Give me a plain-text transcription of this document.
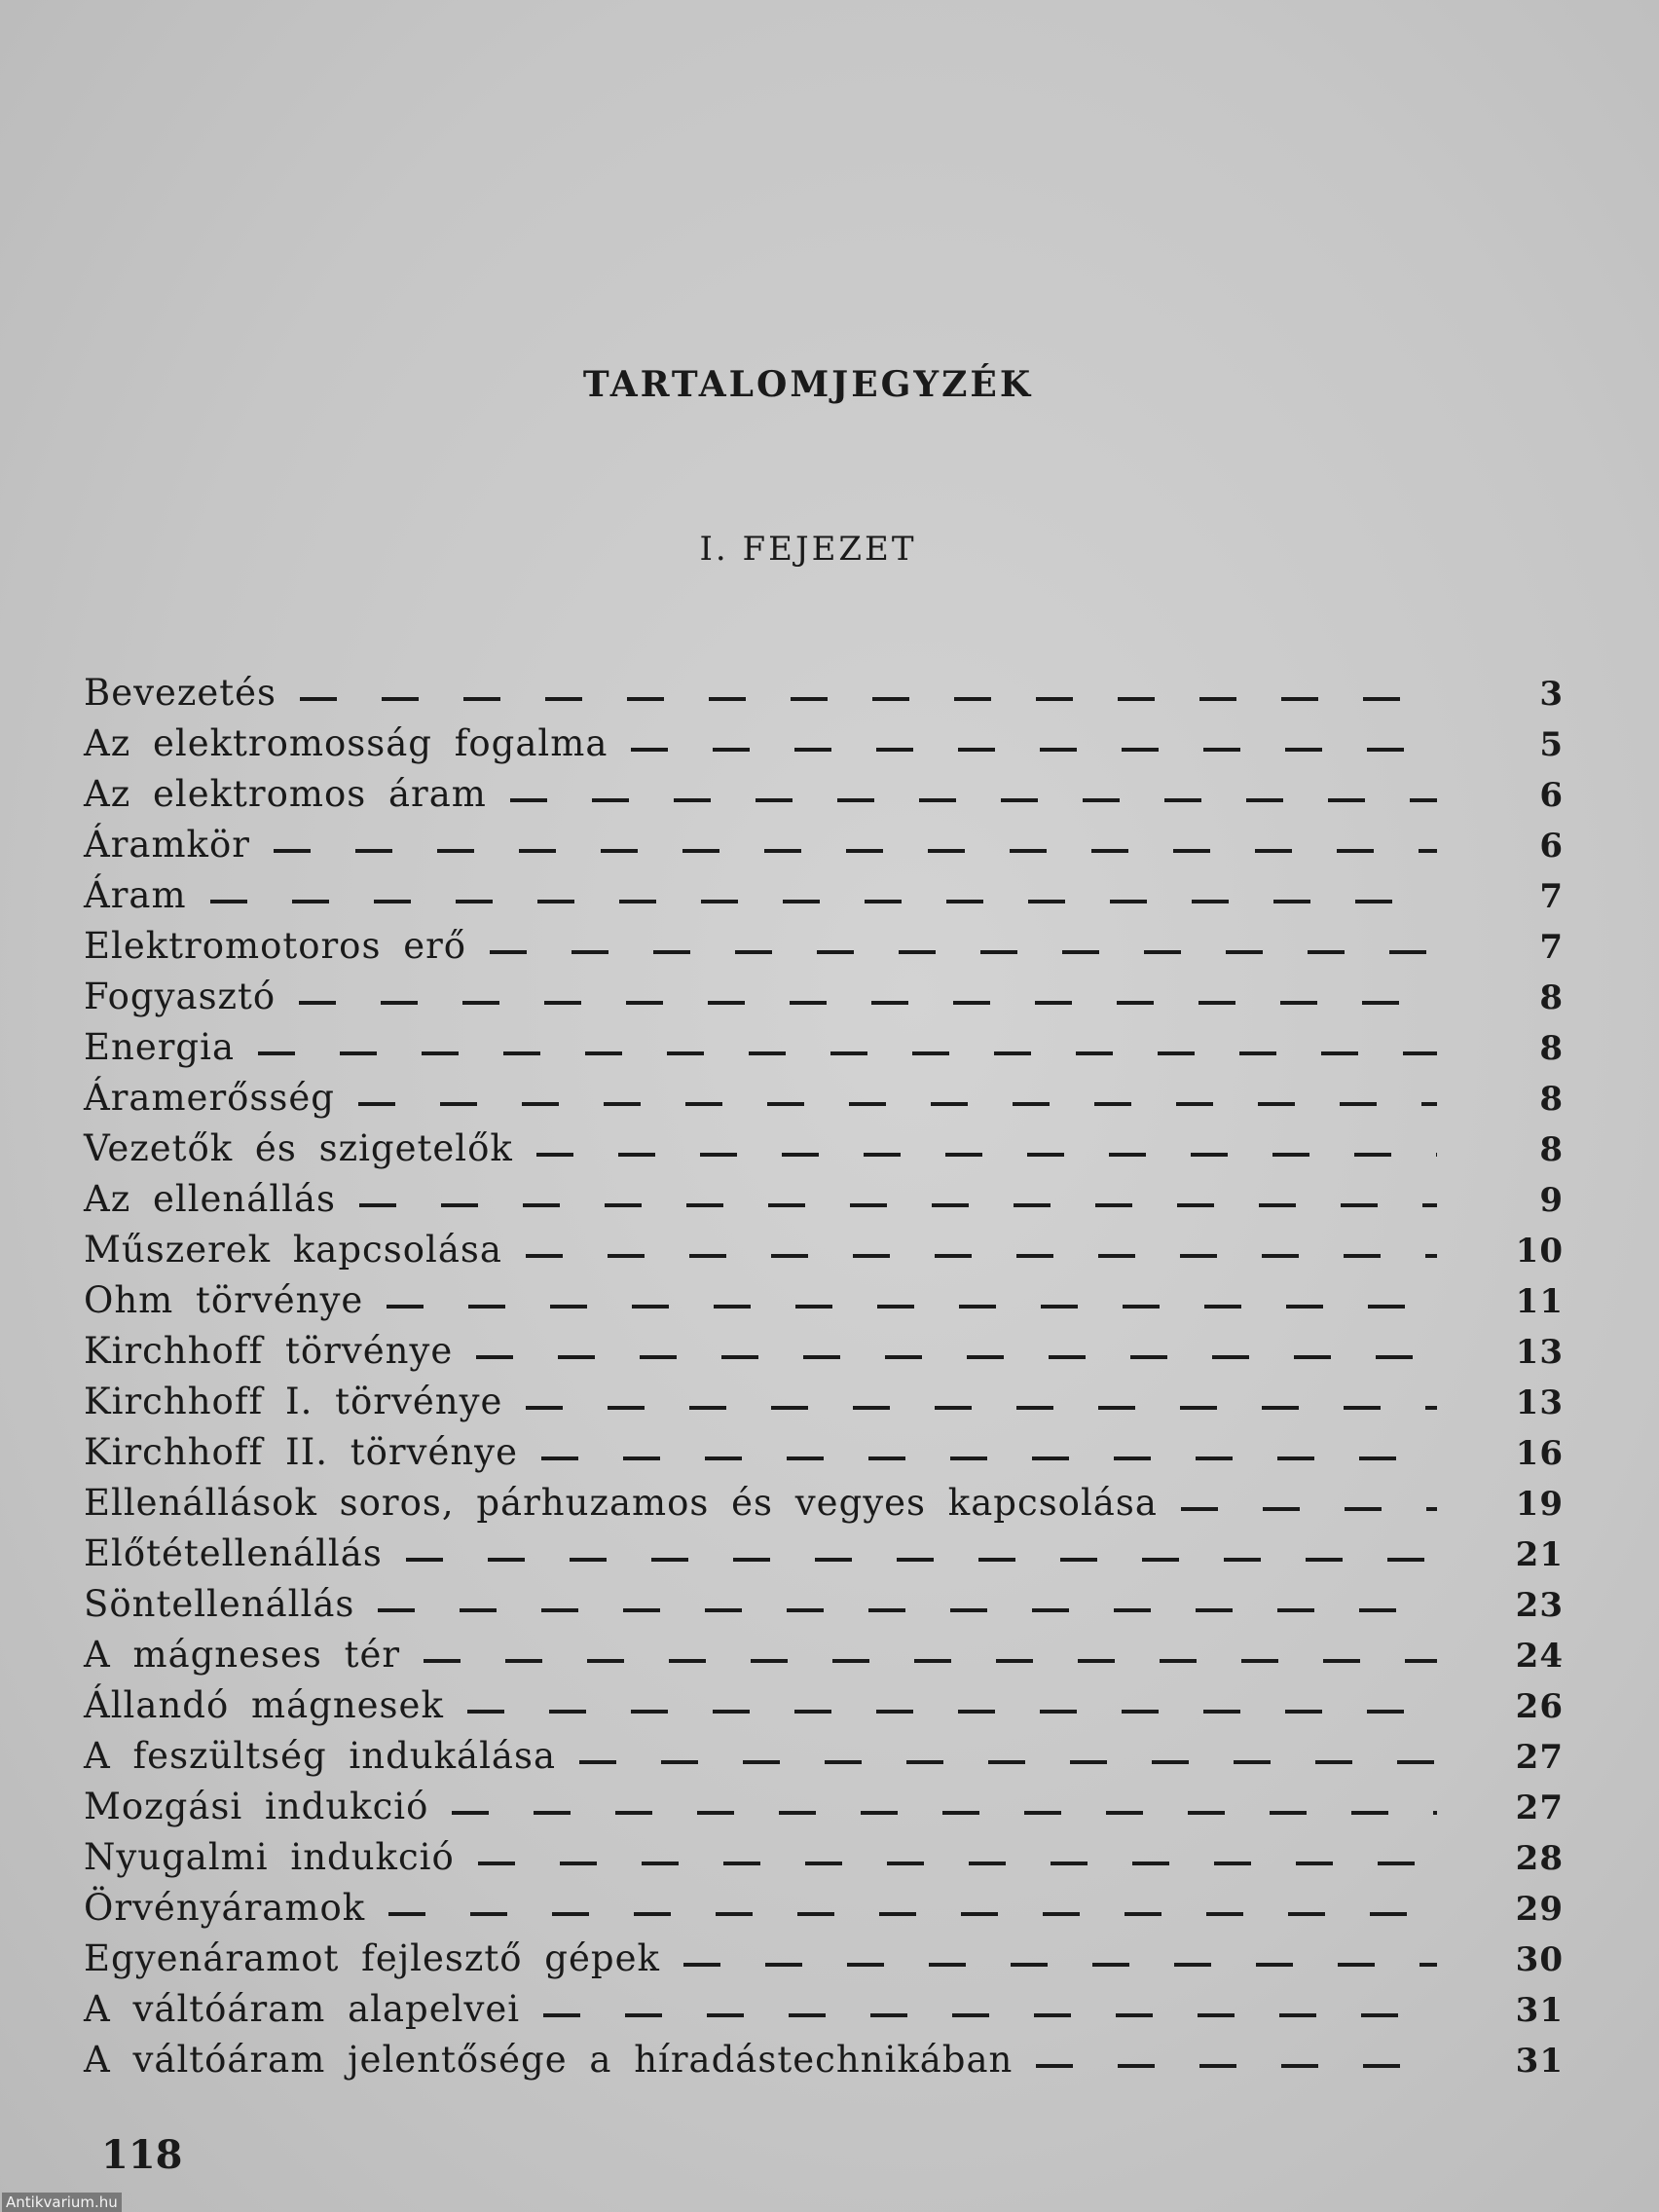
TARTALOMJEGYZÉK
I. FEJEZET
Bevezetés	3
Az elektromosság fogalma	5
Az elektromos áram	6
Áramkör	6
Áram	7
Elektromotoros erő	7
Fogyasztó	8
Energia	8
Áramerősség	8
Vezetők és szigetelők	8
Az ellenállás	9
Műszerek kapcsolása	10
Ohm törvénye	11
Kirchhoff törvénye	13
Kirchhoff I. törvénye	13
Kirchhoff II. törvénye	16
Ellenállások soros, párhuzamos és vegyes kapcsolása	19
Előtétellenállás	21
Söntellenállás	23
A mágneses tér	24
Állandó mágnesek	26
A feszültség indukálása	27
Mozgási indukció	27
Nyugalmi indukció	28
Örvényáramok	29
Egyenáramot fejlesztő gépek	30
A váltóáram alapelvei	31
A váltóáram jelentősége a híradástechnikában	31
118
Antikvarium.hu
